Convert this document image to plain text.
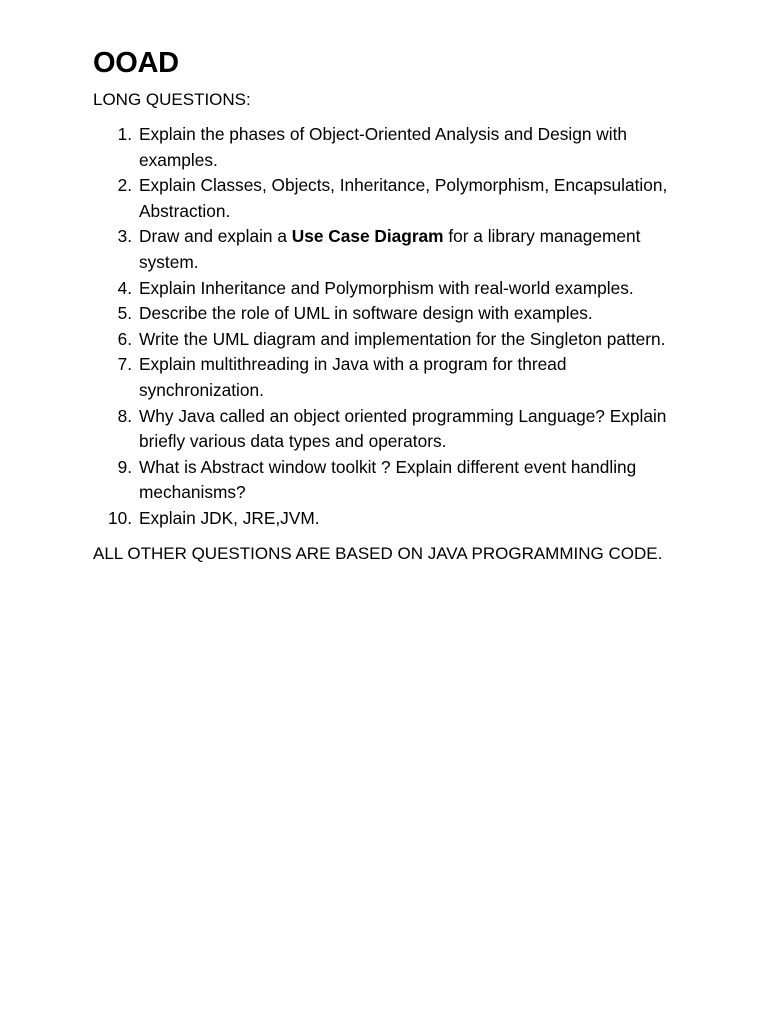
OOAD

LONG QUESTIONS:

1. Explain the phases of Object-Oriented Analysis and Design with examples.
2. Explain Classes, Objects, Inheritance, Polymorphism, Encapsulation, Abstraction.
3. Draw and explain a Use Case Diagram for a library management system.
4. Explain Inheritance and Polymorphism with real-world examples.
5. Describe the role of UML in software design with examples.
6. Write the UML diagram and implementation for the Singleton pattern.
7. Explain multithreading in Java with a program for thread synchronization.
8. Why Java called an object oriented programming Language? Explain briefly various data types and operators.
9. What is Abstract window toolkit ? Explain different event handling mechanisms?
10. Explain JDK, JRE,JVM.

ALL OTHER QUESTIONS ARE BASED ON JAVA PROGRAMMING CODE.
